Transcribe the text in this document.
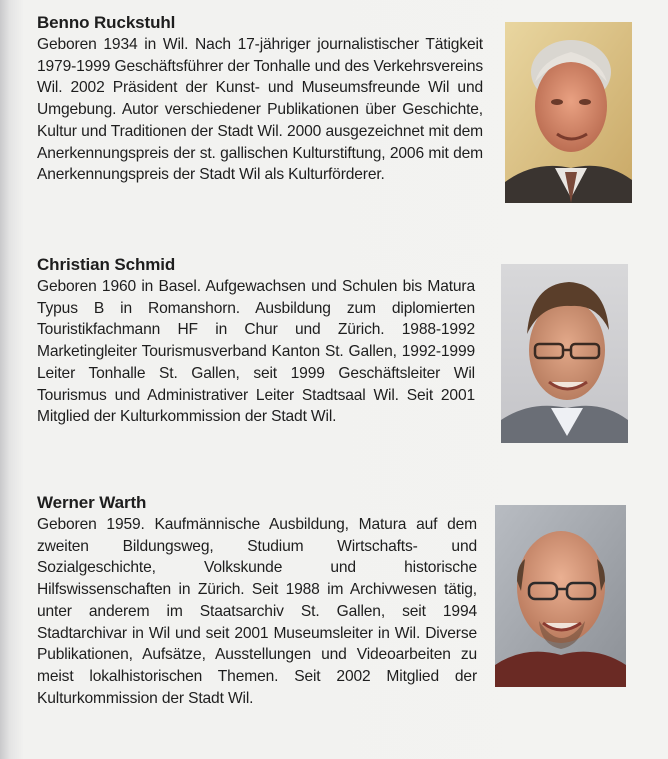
Benno Ruckstuhl

Geboren 1934 in Wil. Nach 17-jähriger journalistischer Tätigkeit 1979-1999 Geschäftsführer der Tonhalle und des Verkehrsvereins Wil. 2002 Präsident der Kunst- und Museumsfreunde Wil und Umgebung. Autor verschiedener Publikationen über Geschichte, Kultur und Traditionen der Stadt Wil. 2000 ausgezeichnet mit dem Anerkennungspreis der st. gallischen Kulturstiftung, 2006 mit dem Anerkennungspreis der Stadt Wil als Kulturförderer.

Christian Schmid

Geboren 1960 in Basel. Aufgewachsen und Schulen bis Matura Typus B in Romanshorn. Ausbildung zum diplomierten Touristikfachmann HF in Chur und Zürich. 1988-1992 Marketingleiter Tourismusverband Kanton St. Gallen, 1992-1999 Leiter Tonhalle St. Gallen, seit 1999 Geschäftsleiter Wil Tourismus und Administrativer Leiter Stadtsaal Wil. Seit 2001 Mitglied der Kulturkommission der Stadt Wil.

Werner Warth

Geboren 1959. Kaufmännische Ausbildung, Matura auf dem zweiten Bildungsweg, Studium Wirtschafts- und Sozialgeschichte, Volkskunde und historische Hilfswissenschaften in Zürich. Seit 1988 im Archivwesen tätig, unter anderem im Staatsarchiv St. Gallen, seit 1994 Stadtarchivar in Wil und seit 2001 Museumsleiter in Wil. Diverse Publikationen, Aufsätze, Ausstellungen und Videoarbeiten zu meist lokalhistorischen Themen. Seit 2002 Mitglied der Kulturkommission der Stadt Wil.
